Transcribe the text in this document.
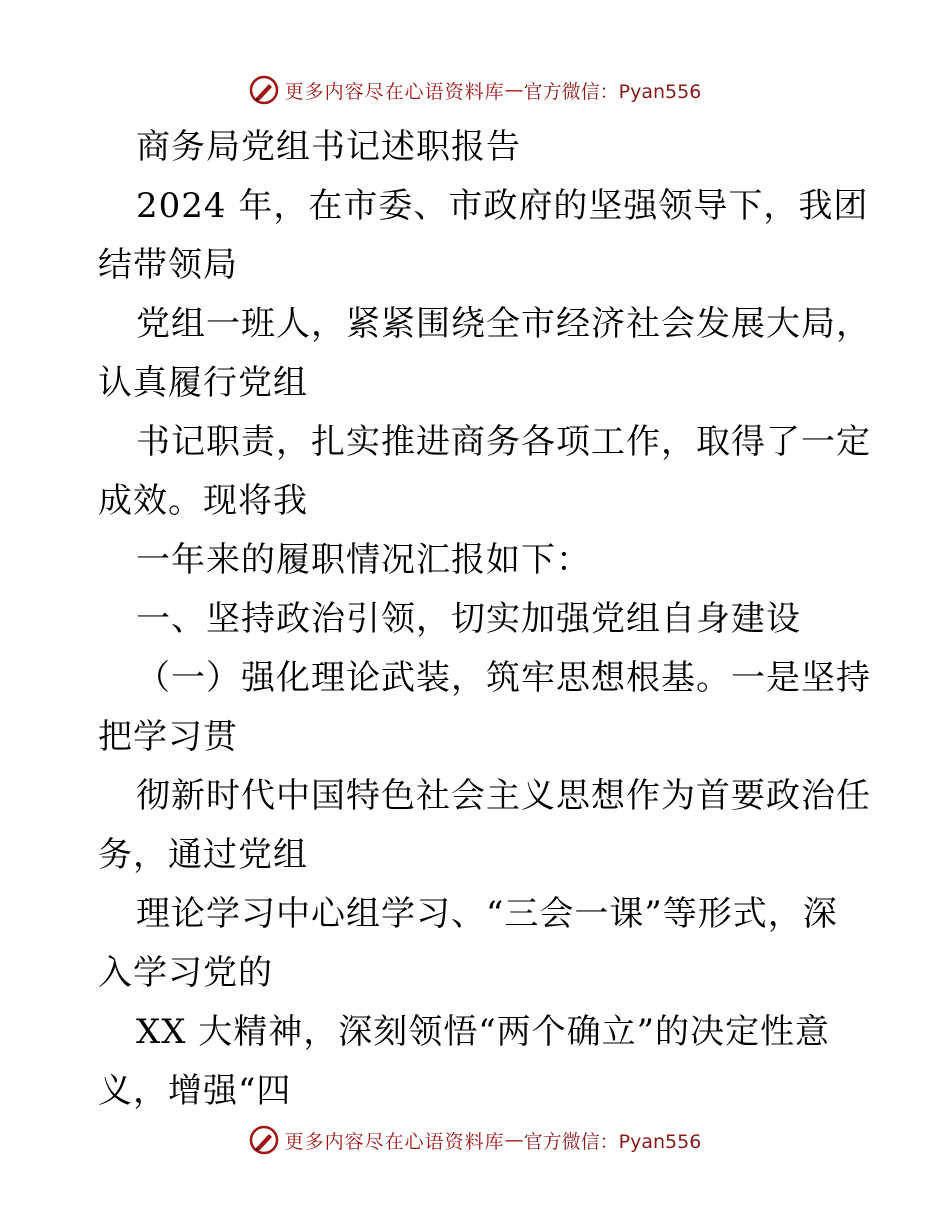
更多内容尽在心语资料库 — 官方微信：Pyan556
商务局党组书记述职报告
2024 年，在市委、市政府的坚强领导下，我团
结带领局
党组一班人，紧紧围绕全市经济社会发展大局，
认真履行党组
书记职责，扎实推进商务各项工作，取得了一定
成效。现将我
一年来的履职情况汇报如下：
一、坚持政治引领，切实加强党组自身建设
（一）强化理论武装，筑牢思想根基。一是坚持
把学习贯
彻新时代中国特色社会主义思想作为首要政治任
务，通过党组
理论学习中心组学习、“三会一课”等形式，深
入学习党的
XX 大精神，深刻领悟“两个确立”的决定性意
义，增强“四
更多内容尽在心语资料库 — 官方微信：Pyan556
